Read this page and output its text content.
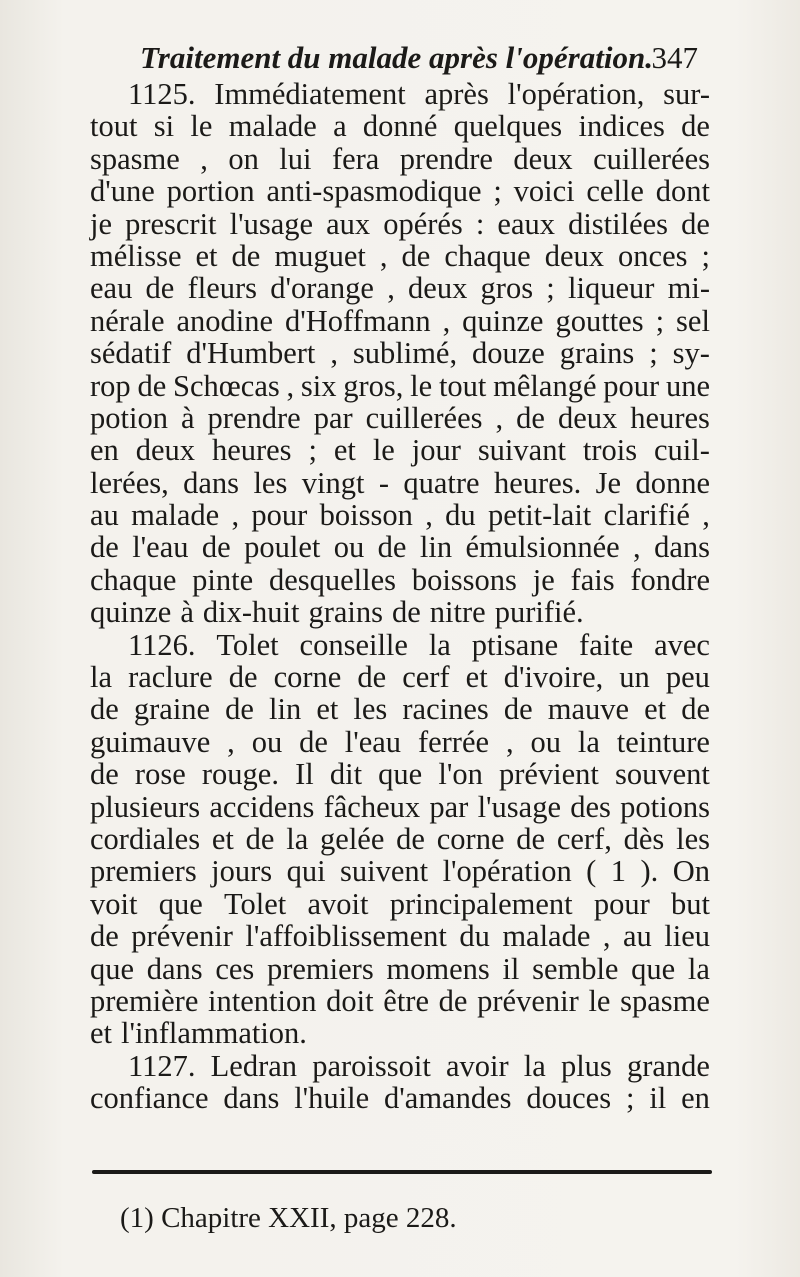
Traitement du malade après l'opération.
347
1125. Immédiatement après l'opération, sur-
tout si le malade a donné quelques indices de
spasme , on lui fera prendre deux cuillerées
d'une portion anti-spasmodique ; voici celle dont
je prescrit l'usage aux opérés : eaux distilées de
mélisse et de muguet , de chaque deux onces ;
eau de fleurs d'orange , deux gros ; liqueur mi-
nérale anodine d'Hoffmann , quinze gouttes ; sel
sédatif d'Humbert , sublimé, douze grains ; sy-
rop de Schœcas , six gros, le tout mêlangé pour une
potion à prendre par cuillerées , de deux heures
en deux heures ; et le jour suivant trois cuil-
lerées, dans les vingt - quatre heures. Je donne
au malade , pour boisson , du petit-lait clarifié ,
de l'eau de poulet ou de lin émulsionnée , dans
chaque pinte desquelles boissons je fais fondre
quinze à dix-huit grains de nitre purifié.
1126. Tolet conseille la ptisane faite avec
la raclure de corne de cerf et d'ivoire, un peu
de graine de lin et les racines de mauve et de
guimauve , ou de l'eau ferrée , ou la teinture
de rose rouge. Il dit que l'on prévient souvent
plusieurs accidens fâcheux par l'usage des potions
cordiales et de la gelée de corne de cerf, dès les
premiers jours qui suivent l'opération ( 1 ). On
voit que Tolet avoit principalement pour but
de prévenir l'affoiblissement du malade , au lieu
que dans ces premiers momens il semble que la
première intention doit être de prévenir le spasme
et l'inflammation.
1127. Ledran paroissoit avoir la plus grande
confiance dans l'huile d'amandes douces ; il en
(1) Chapitre XXII, page 228.
